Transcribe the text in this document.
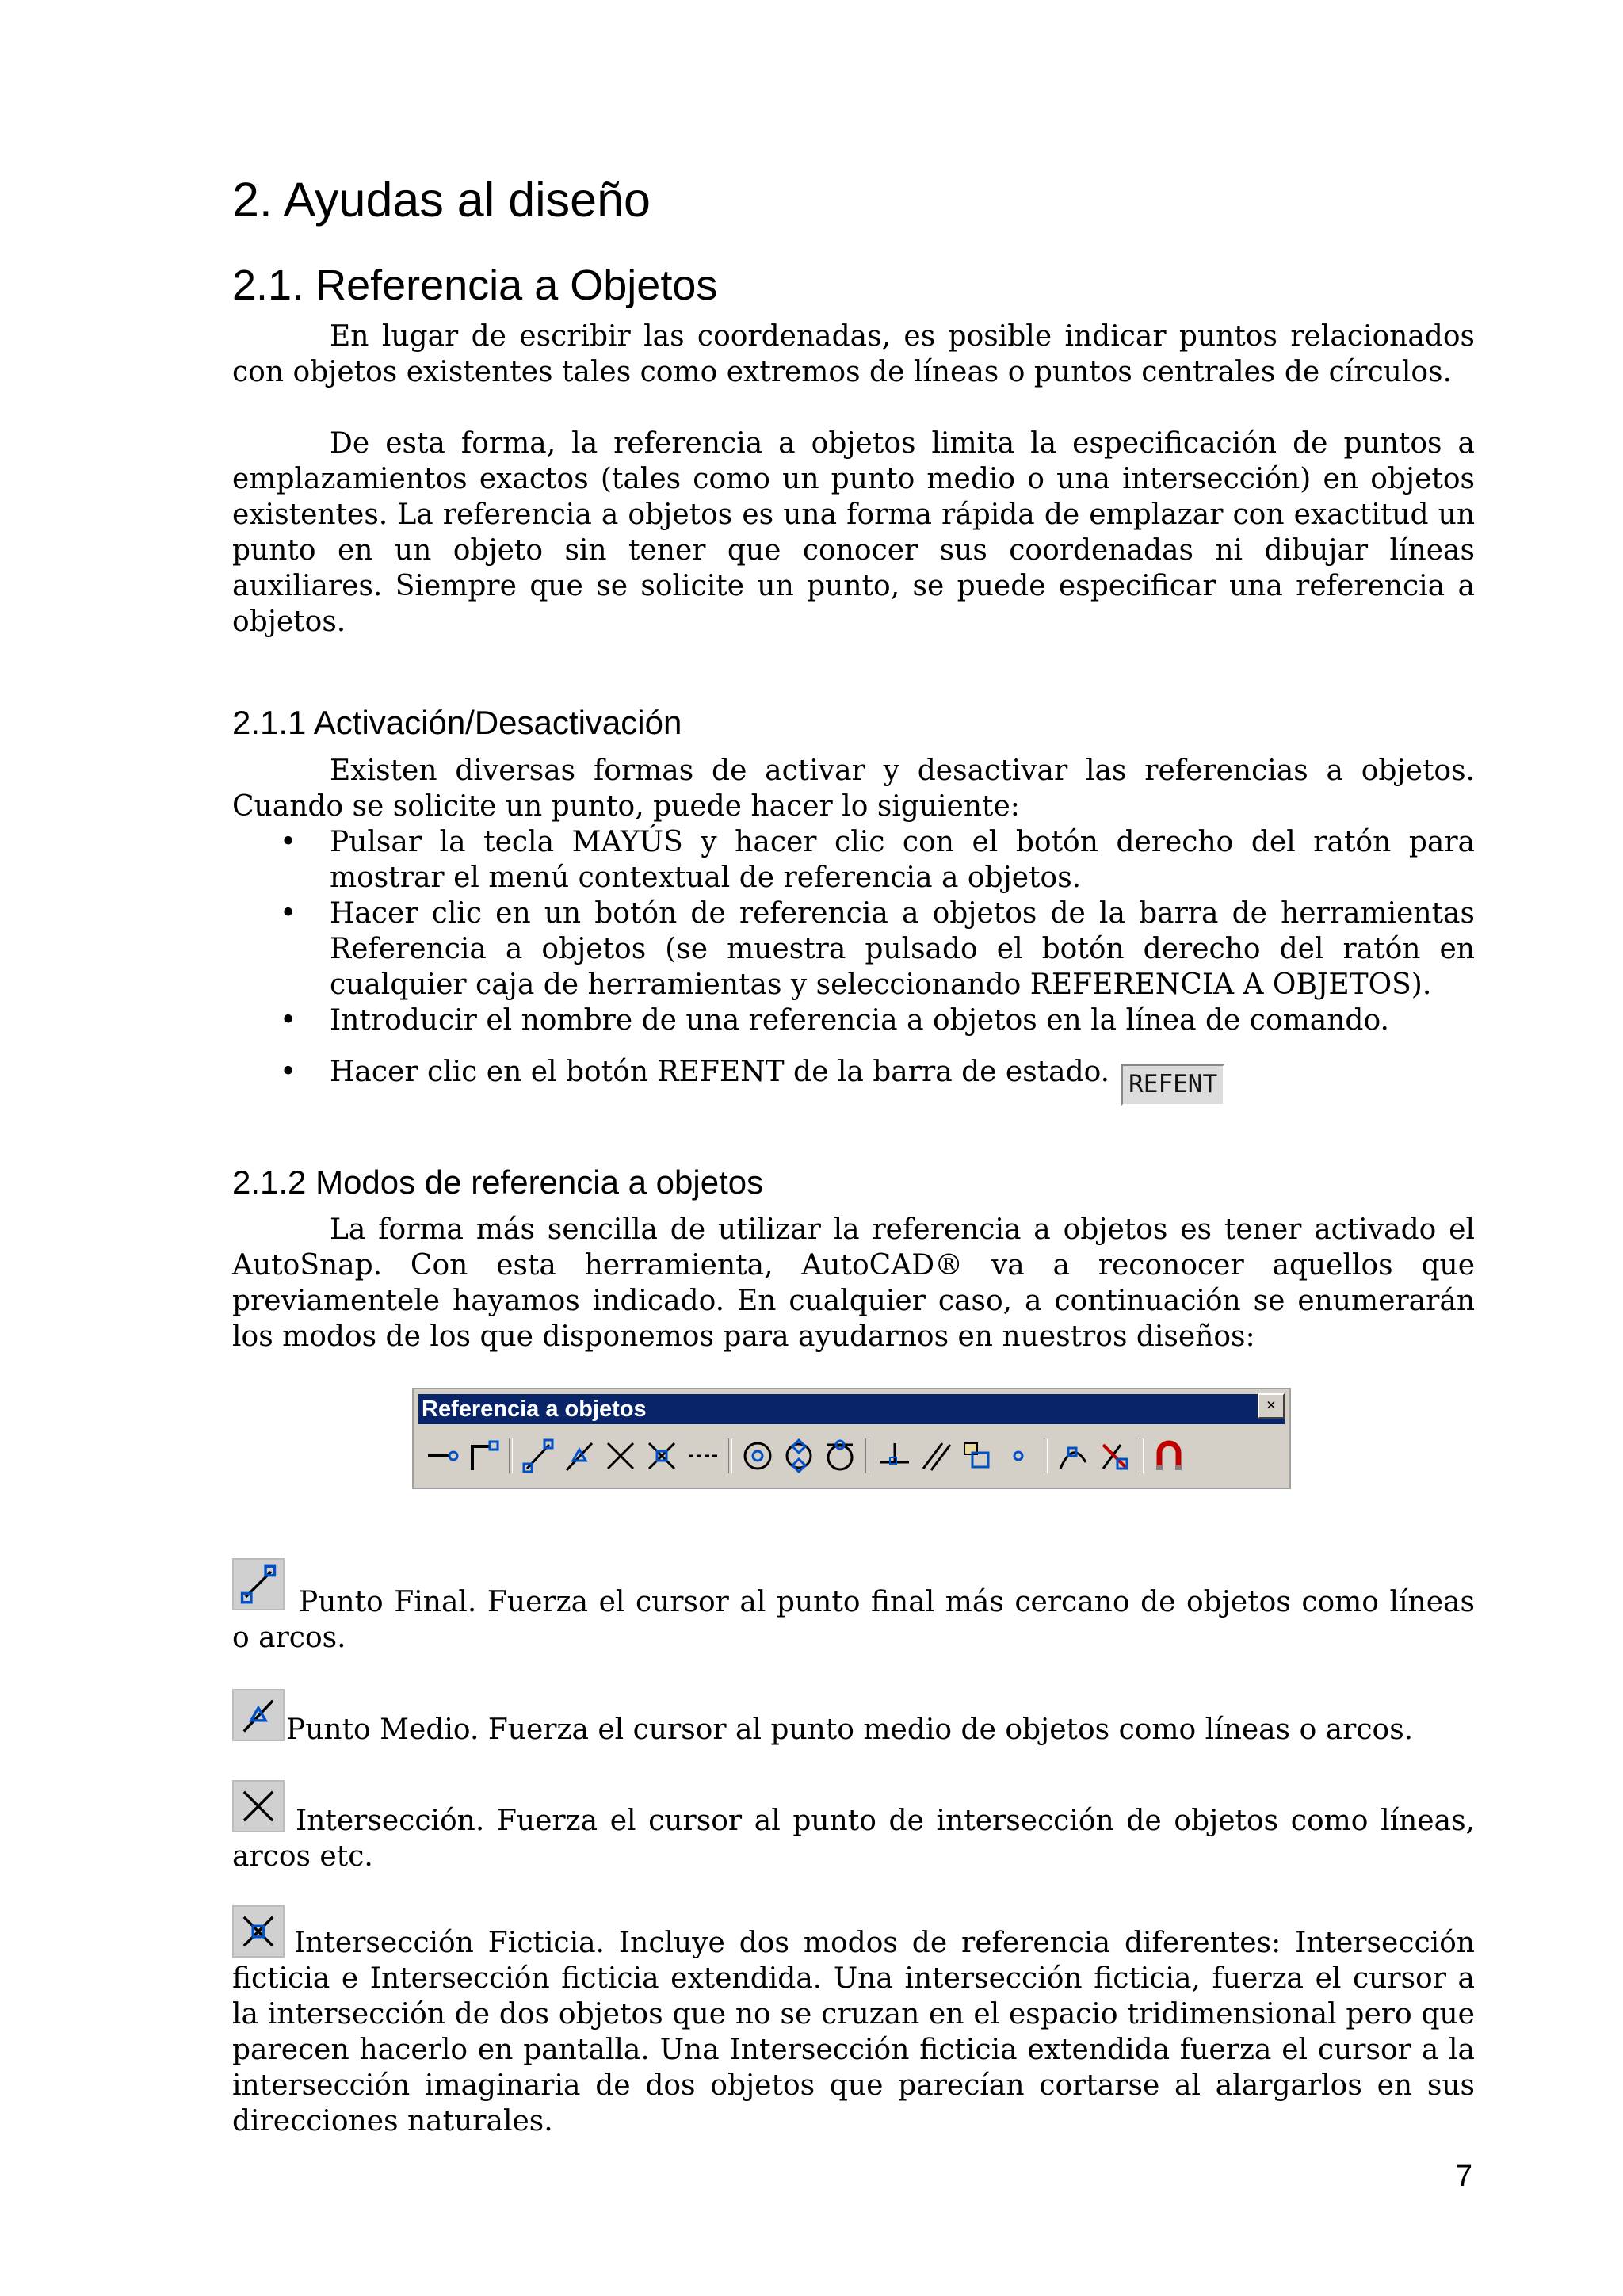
2. Ayudas al diseño
2.1. Referencia a Objetos

En lugar de escribir las coordenadas, es posible indicar puntos relacionados con objetos existentes tales como extremos de líneas o puntos centrales de círculos.

De esta forma, la referencia a objetos limita la especificación de puntos a emplazamientos exactos (tales como un punto medio o una intersección) en objetos existentes. La referencia a objetos es una forma rápida de emplazar con exactitud un punto en un objeto sin tener que conocer sus coordenadas ni dibujar líneas auxiliares. Siempre que se solicite un punto, se puede especificar una referencia a objetos.

2.1.1 Activación/Desactivación

Existen diversas formas de activar y desactivar las referencias a objetos. Cuando se solicite un punto, puede hacer lo siguiente:

• Pulsar la tecla MAYÚS y hacer clic con el botón derecho del ratón para mostrar el menú contextual de referencia a objetos.
• Hacer clic en un botón de referencia a objetos de la barra de herramientas Referencia a objetos (se muestra pulsado el botón derecho del ratón en cualquier caja de herramientas y seleccionando REFERENCIA A OBJETOS).
• Introducir el nombre de una referencia a objetos en la línea de comando.
• Hacer clic en el botón REFENT de la barra de estado. REFENT
2.1.2 Modos de referencia a objetos

La forma más sencilla de utilizar la referencia a objetos es tener activado el AutoSnap. Con esta herramienta, AutoCAD® va a reconocer aquellos que previamentele hayamos indicado. En cualquier caso, a continuación se enumerarán los modos de los que disponemos para ayudarnos en nuestros diseños:

Referencia a objetos	×

Punto Final. Fuerza el cursor al punto final más cercano de objetos como líneas o arcos.

Punto Medio. Fuerza el cursor al punto medio de objetos como líneas o arcos.

Intersección. Fuerza el cursor al punto de intersección de objetos como líneas, arcos etc.

Intersección Ficticia. Incluye dos modos de referencia diferentes: Intersección ficticia e Intersección ficticia extendida. Una intersección ficticia, fuerza el cursor a la intersección de dos objetos que no se cruzan en el espacio tridimensional pero que parecen hacerlo en pantalla. Una Intersección ficticia extendida fuerza el cursor a la intersección imaginaria de dos objetos que parecían cortarse al alargarlos en sus direcciones naturales.

7
